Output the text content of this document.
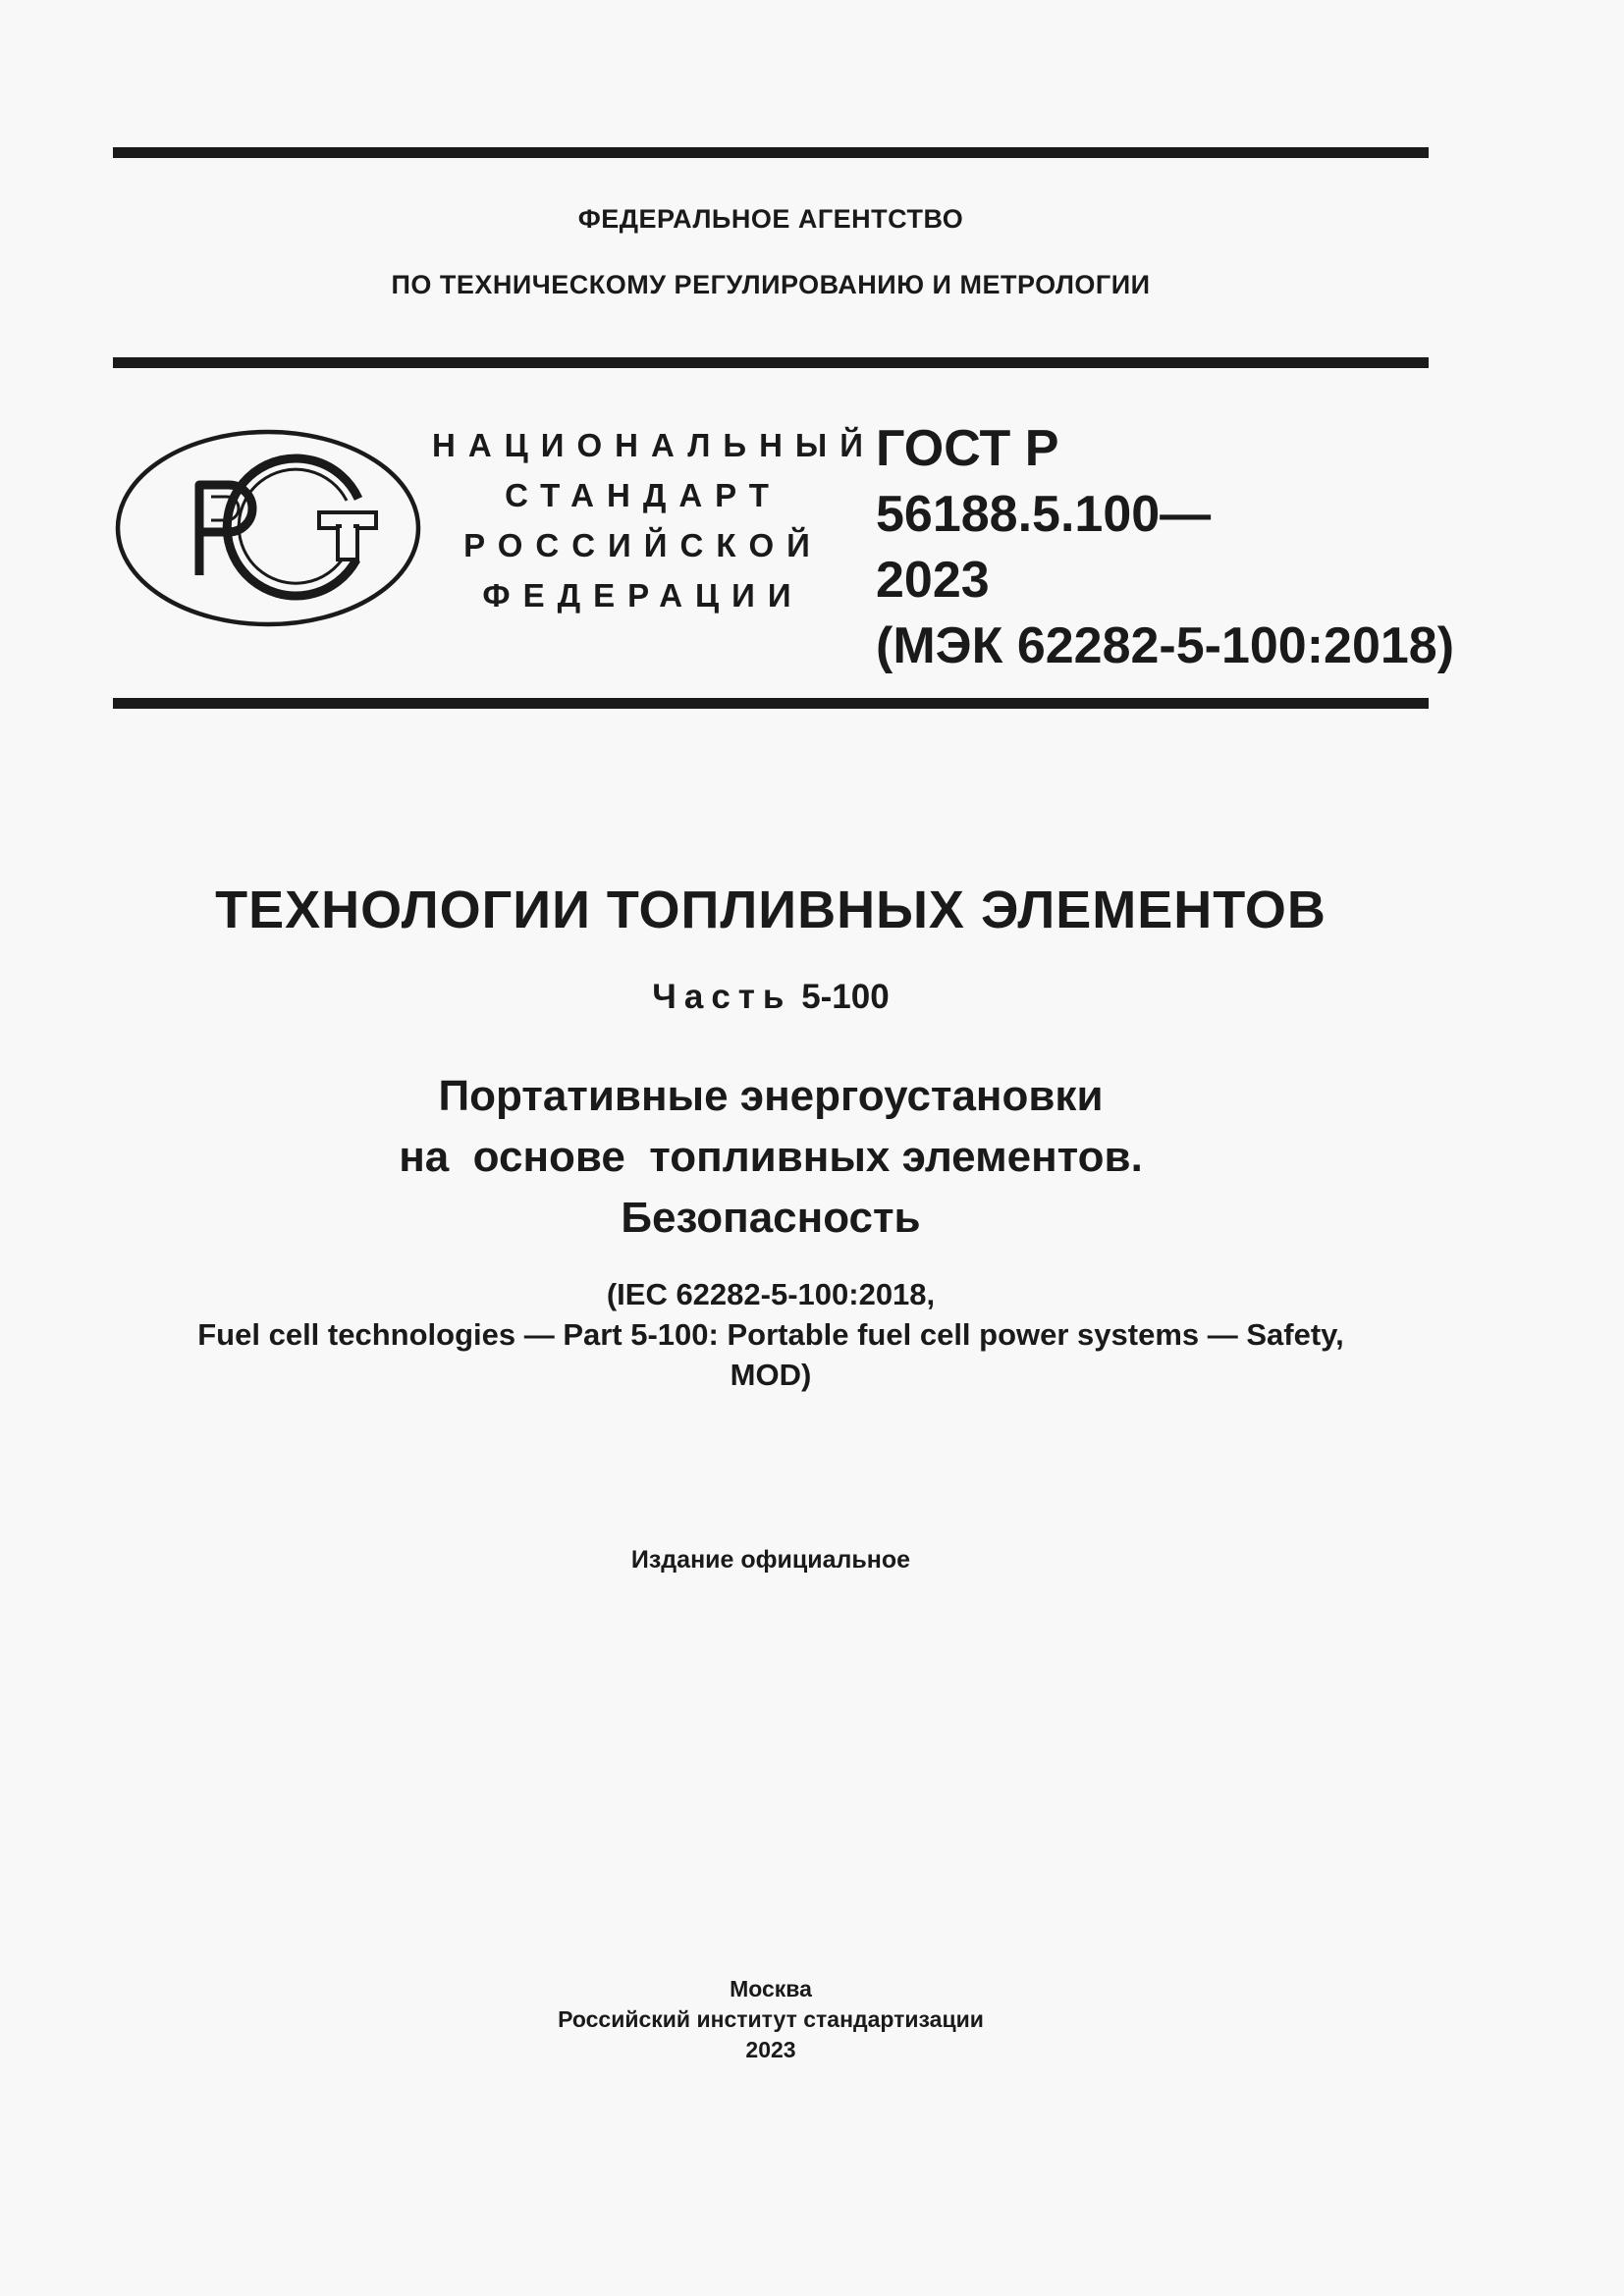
ФЕДЕРАЛЬНОЕ АГЕНТСТВО
ПО ТЕХНИЧЕСКОМУ РЕГУЛИРОВАНИЮ И МЕТРОЛОГИИ
НАЦИОНАЛЬНЫЙ
СТАНДАРТ
РОССИЙСКОЙ
ФЕДЕРАЦИИ
ГОСТ Р
56188.5.100—
2023
(МЭК 62282-5-100:2018)
ТЕХНОЛОГИИ ТОПЛИВНЫХ ЭЛЕМЕНТОВ
Часть 5-100
Портативные энергоустановки
на  основе  топливных элементов.
Безопасность
(IEC 62282-5-100:2018,
Fuel cell technologies — Part 5-100: Portable fuel cell power systems — Safety,
MOD)
Издание официальное
Москва
Российский институт стандартизации
2023
